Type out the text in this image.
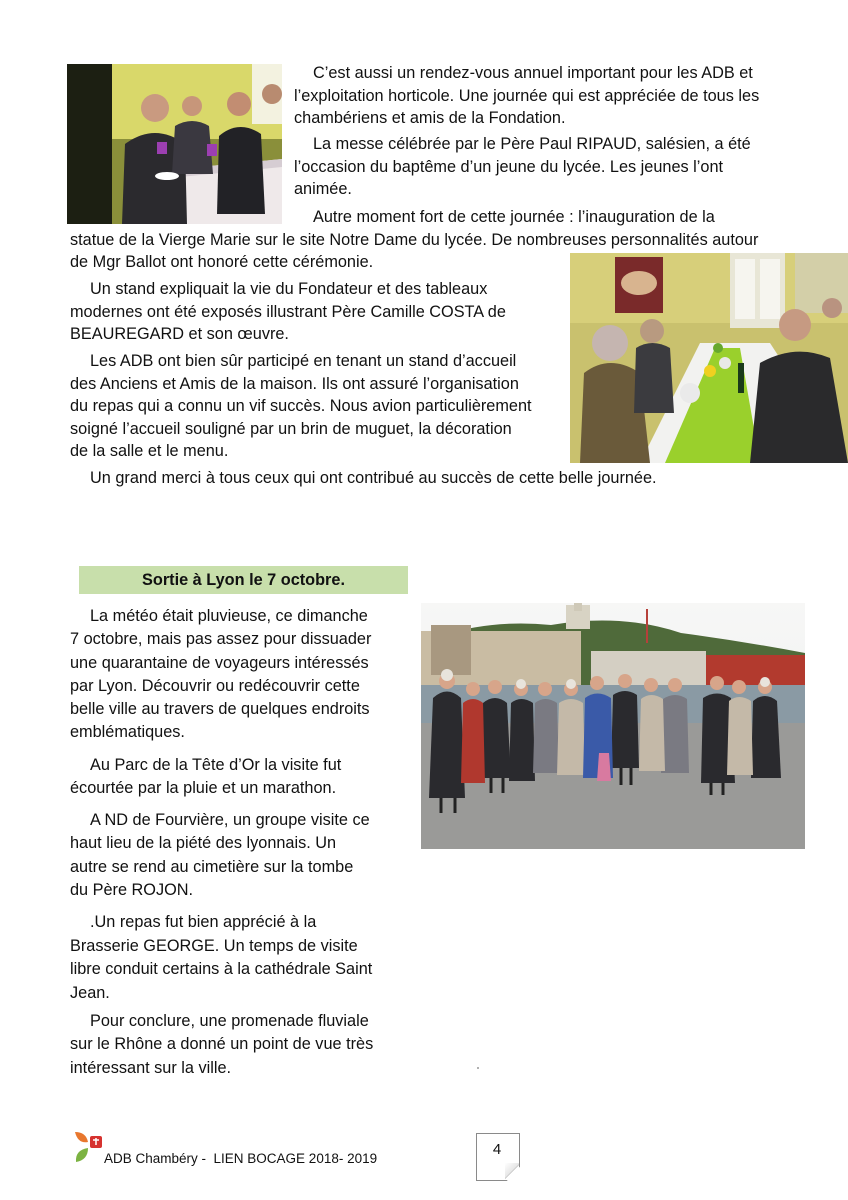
C’est aussi un rendez-vous annuel important pour les ADB et
l’exploitation horticole. Une journée qui est appréciée de tous les
chambériens et amis de la Fondation.
La messe célébrée par le Père Paul RIPAUD, salésien, a été
l’occasion du baptême d’un jeune du lycée. Les jeunes l’ont
animée.
Autre moment fort de cette journée : l’inauguration de la
statue de la Vierge Marie sur le site Notre Dame du lycée. De nombreuses personnalités autour
de Mgr Ballot ont honoré cette cérémonie.
Un stand expliquait la vie du Fondateur et des tableaux
modernes ont été exposés illustrant Père Camille COSTA de
BEAUREGARD et son œuvre.
Les ADB ont bien sûr participé en tenant un stand d’accueil
des Anciens et Amis de la maison. Ils ont assuré l’organisation
du repas qui a connu un vif succès. Nous avion particulièrement
soigné l’accueil souligné par un brin de muguet, la décoration
de la salle et le menu.
Un grand merci à tous ceux qui ont contribué au succès de cette belle journée.
Sortie à Lyon le 7 octobre.
La météo était pluvieuse, ce dimanche
7 octobre, mais pas assez pour dissuader
une quarantaine de voyageurs intéressés
par Lyon. Découvrir ou redécouvrir cette
belle ville au travers de quelques endroits
emblématiques.
Au Parc de la Tête d’Or la visite fut
écourtée par la pluie et un marathon.
A ND de Fourvière, un groupe visite ce
haut lieu de la piété des lyonnais. Un
autre se rend au cimetière sur la tombe
du Père ROJON.
.Un repas fut bien apprécié à la
Brasserie GEORGE. Un temps de visite
libre conduit certains à la cathédrale Saint
Jean.
Pour conclure, une promenade fluviale
sur le Rhône a donné un point de vue très
intéressant sur la ville.
ADB Chambéry -  LIEN BOCAGE 2018- 2019
4
